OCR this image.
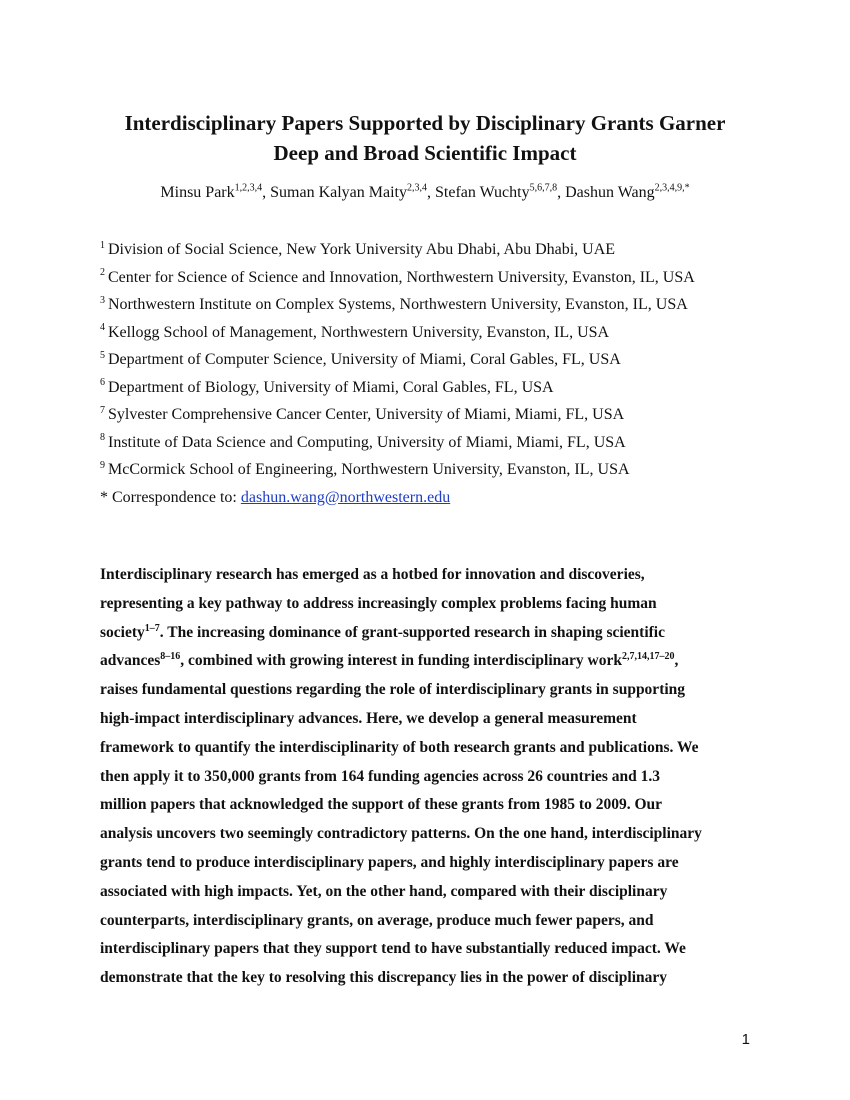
Interdisciplinary Papers Supported by Disciplinary Grants Garner
Deep and Broad Scientific Impact
Minsu Park$^{1,2,3,4}$, Suman Kalyan Maity$^{2,3,4}$, Stefan Wuchty$^{5,6,7,8}$, Dashun Wang$^{2,3,4,9,*}$
$^1$ Division of Social Science, New York University Abu Dhabi, Abu Dhabi, UAE
$^2$ Center for Science of Science and Innovation, Northwestern University, Evanston, IL, USA
$^3$ Northwestern Institute on Complex Systems, Northwestern University, Evanston, IL, USA
$^4$ Kellogg School of Management, Northwestern University, Evanston, IL, USA
$^5$ Department of Computer Science, University of Miami, Coral Gables, FL, USA
$^6$ Department of Biology, University of Miami, Coral Gables, FL, USA
$^7$ Sylvester Comprehensive Cancer Center, University of Miami, Miami, FL, USA
$^8$ Institute of Data Science and Computing, University of Miami, Miami, FL, USA
$^9$ McCormick School of Engineering, Northwestern University, Evanston, IL, USA
* Correspondence to: dashun.wang@northwestern.edu
Interdisciplinary research has emerged as a hotbed for innovation and discoveries,
representing a key pathway to address increasingly complex problems facing human
society$^{1-7}$. The increasing dominance of grant-supported research in shaping scientific
advances$^{8-16}$, combined with growing interest in funding interdisciplinary work$^{2,7,14,17-20}$,
raises fundamental questions regarding the role of interdisciplinary grants in supporting
high-impact interdisciplinary advances. Here, we develop a general measurement
framework to quantify the interdisciplinarity of both research grants and publications. We
then apply it to 350,000 grants from 164 funding agencies across 26 countries and 1.3
million papers that acknowledged the support of these grants from 1985 to 2009. Our
analysis uncovers two seemingly contradictory patterns. On the one hand, interdisciplinary
grants tend to produce interdisciplinary papers, and highly interdisciplinary papers are
associated with high impacts. Yet, on the other hand, compared with their disciplinary
counterparts, interdisciplinary grants, on average, produce much fewer papers, and
interdisciplinary papers that they support tend to have substantially reduced impact. We
demonstrate that the key to resolving this discrepancy lies in the power of disciplinary
1
